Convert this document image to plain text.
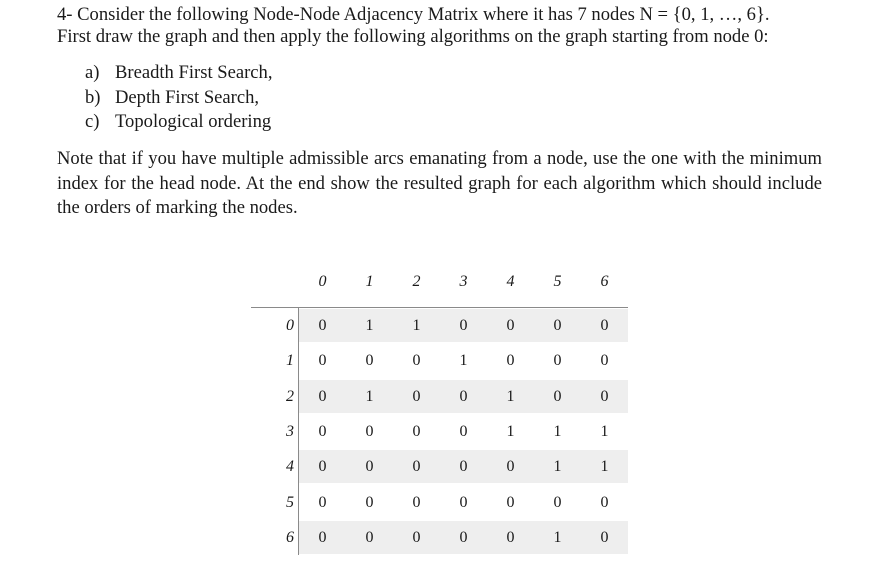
4- Consider the following Node-Node Adjacency Matrix where it has 7 nodes N = {0, 1, …, 6}.
First draw the graph and then apply the following algorithms on the graph starting from node 0:
a) Breadth First Search,
b) Depth First Search,
c) Topological ordering
Note that if you have multiple admissible arcs emanating from a node, use the one with the minimum index for the head node. At the end show the resulted graph for each algorithm which should include the orders of marking the nodes.
6	0	0	0	0	0	1	0
5	0	0	0	0	0	0	0
4	0	0	0	0	0	1	1
3	0	0	0	0	1	1	1
2	0	1	0	0	1	0	0
1	0	0	0	1	0	0	0
0	0	1	1	0	0	0	0
0	1	2	3	4	5	6
